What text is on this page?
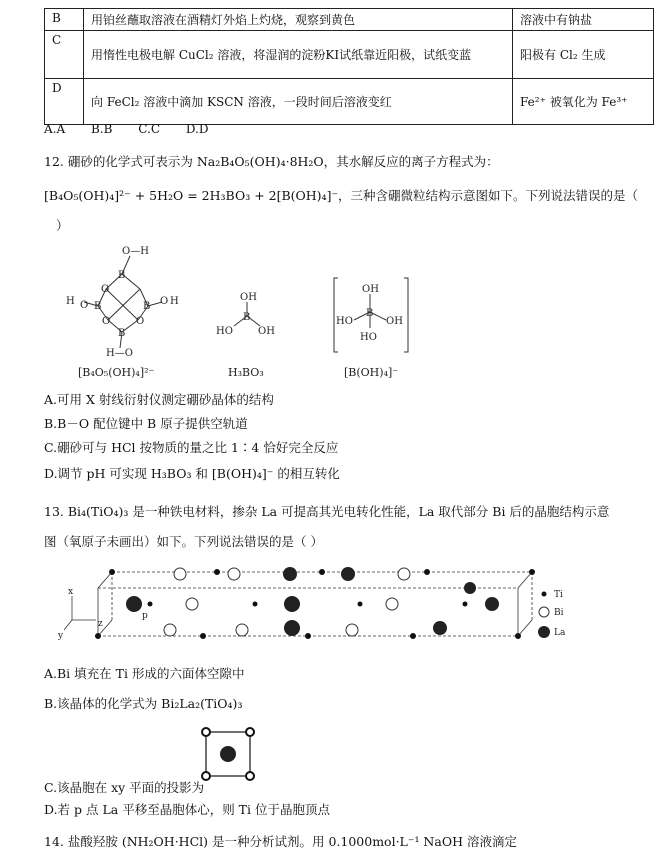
B	用铂丝蘸取溶液在酒精灯外焰上灼烧，观察到黄色	溶液中有钠盐
C	用惰性电极电解 CuCl₂ 溶液，将湿润的淀粉KI试纸靠近阳极，试纸变蓝	阳极有 Cl₂ 生成
D	向 FeCl₂ 溶液中滴加 KSCN 溶液，一段时间后溶液变红	Fe²⁺ 被氧化为 Fe³⁺
A.A B.B C.C D.D
12. 硼砂的化学式可表示为 Na₂B₄O₅(OH)₄·8H₂O，其水解反应的离子方程式为：
[B₄O₅(OH)₄]²⁻ + 5H₂O = 2H₃BO₃ + 2[B(OH)₄]⁻，三种含硼微粒结构示意图如下。下列说法错误的是（
）
O—H
B
H O
O
B	B O H
O	O
B
H—O
OH
B
HO	OH
OH
HO
B
OH
HO
[B₄O₅(OH)₄]²⁻	H₃BO₃	[B(OH)₄]⁻
A.可用 X 射线衍射仪测定硼砂晶体的结构
B.B－O 配位键中 B 原子提供空轨道
C.硼砂可与 HCl 按物质的量之比 1∶4 恰好完全反应
D.调节 pH 可实现 H₃BO₃ 和 [B(OH)₄]⁻ 的相互转化
13. Bi₄(TiO₄)₃ 是一种铁电材料，掺杂 La 可提高其光电转化性能，La 取代部分 Bi 后的晶胞结构示意
图（氧原子未画出）如下。下列说法错误的是（ ）
x
y
z
p
Ti
Bi
La
A.Bi 填充在 Ti 形成的六面体空隙中
B.该晶体的化学式为 Bi₂La₂(TiO₄)₃
C.该晶胞在 xy 平面的投影为
D.若 p 点 La 平移至晶胞体心，则 Ti 位于晶胞顶点
14. 盐酸羟胺 (NH₂OH·HCl) 是一种分析试剂。用 0.1000mol·L⁻¹ NaOH 溶液滴定
